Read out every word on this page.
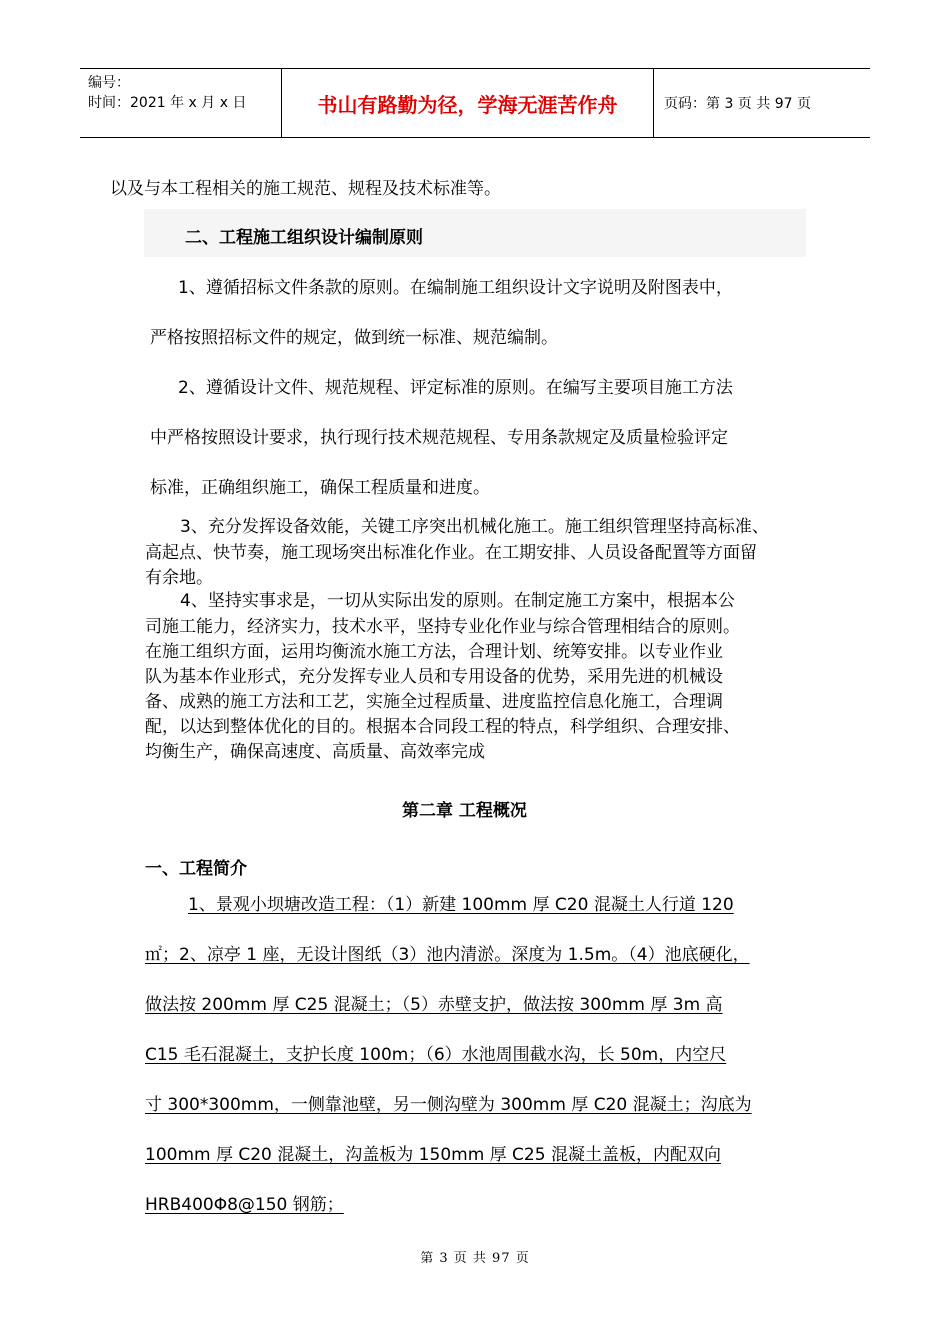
编号：
时间：2021 年 x 月 x 日	书山有路勤为径，学海无涯苦作舟	页码：第 3 页 共 97 页
以及与本工程相关的施工规范、规程及技术标准等。
二、工程施工组织设计编制原则
1、遵循招标文件条款的原则。在编制施工组织设计文字说明及附图表中，
严格按照招标文件的规定，做到统一标准、规范编制。
2、遵循设计文件、规范规程、评定标准的原则。在编写主要项目施工方法
中严格按照设计要求，执行现行技术规范规程、专用条款规定及质量检验评定
标准，正确组织施工，确保工程质量和进度。
3、充分发挥设备效能，关键工序突出机械化施工。施工组织管理坚持高标准、
高起点、快节奏，施工现场突出标准化作业。在工期安排、人员设备配置等方面留
有余地。
4、坚持实事求是，一切从实际出发的原则。在制定施工方案中，根据本公
司施工能力，经济实力，技术水平，坚持专业化作业与综合管理相结合的原则。
在施工组织方面，运用均衡流水施工方法，合理计划、统筹安排。以专业作业
队为基本作业形式，充分发挥专业人员和专用设备的优势，采用先进的机械设
备、成熟的施工方法和工艺，实施全过程质量、进度监控信息化施工，合理调
配，以达到整体优化的目的。根据本合同段工程的特点，科学组织、合理安排、
均衡生产，确保高速度、高质量、高效率完成
第二章 工程概况
一、工程简介
1、景观小坝塘改造工程：（1）新建 100mm 厚 C20 混凝土人行道 120
㎡；2、凉亭 1 座，无设计图纸（3）池内清淤。深度为 1.5m。（4）池底硬化，
做法按 200mm 厚 C25 混凝土；（5）赤壁支护，做法按 300mm 厚 3m 高
C15 毛石混凝土，支护长度 100m；（6）水池周围截水沟，长 50m，内空尺
寸 300*300mm，一侧靠池壁，另一侧沟壁为 300mm 厚 C20 混凝土；沟底为
100mm 厚 C20 混凝土，沟盖板为 150mm 厚 C25 混凝土盖板，内配双向
HRB400Φ8@150 钢筋；
第 3 页 共 97 页
